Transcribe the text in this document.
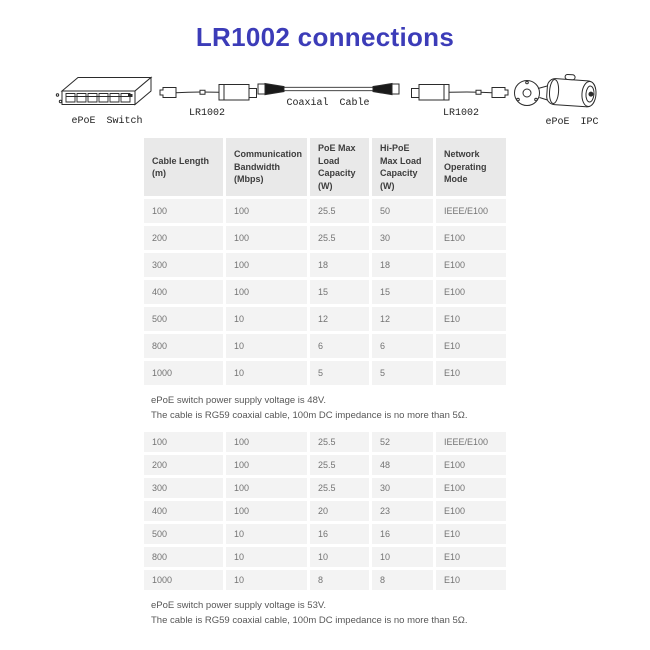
LR1002 connections
ePoE Switch
LR1002
Coaxial Cable
LR1002
ePoE IPC
Cable Length (m)	Communication Bandwidth (Mbps)	PoE Max Load Capacity (W)	Hi-PoE Max Load Capacity (W)	Network Operating Mode
100	100	25.5	50	IEEE/E100
200	100	25.5	30	E100
300	100	18	18	E100
400	100	15	15	E100
500	10	12	12	E10
800	10	6	6	E10
1000	10	5	5	E10
ePoE switch power supply voltage is 48V.
The cable is RG59 coaxial cable, 100m DC impedance is no more than 5Ω.
100	100	25.5	52	IEEE/E100
200	100	25.5	48	E100
300	100	25.5	30	E100
400	100	20	23	E100
500	10	16	16	E10
800	10	10	10	E10
1000	10	8	8	E10
ePoE switch power supply voltage is 53V.
The cable is RG59 coaxial cable, 100m DC impedance is no more than 5Ω.
